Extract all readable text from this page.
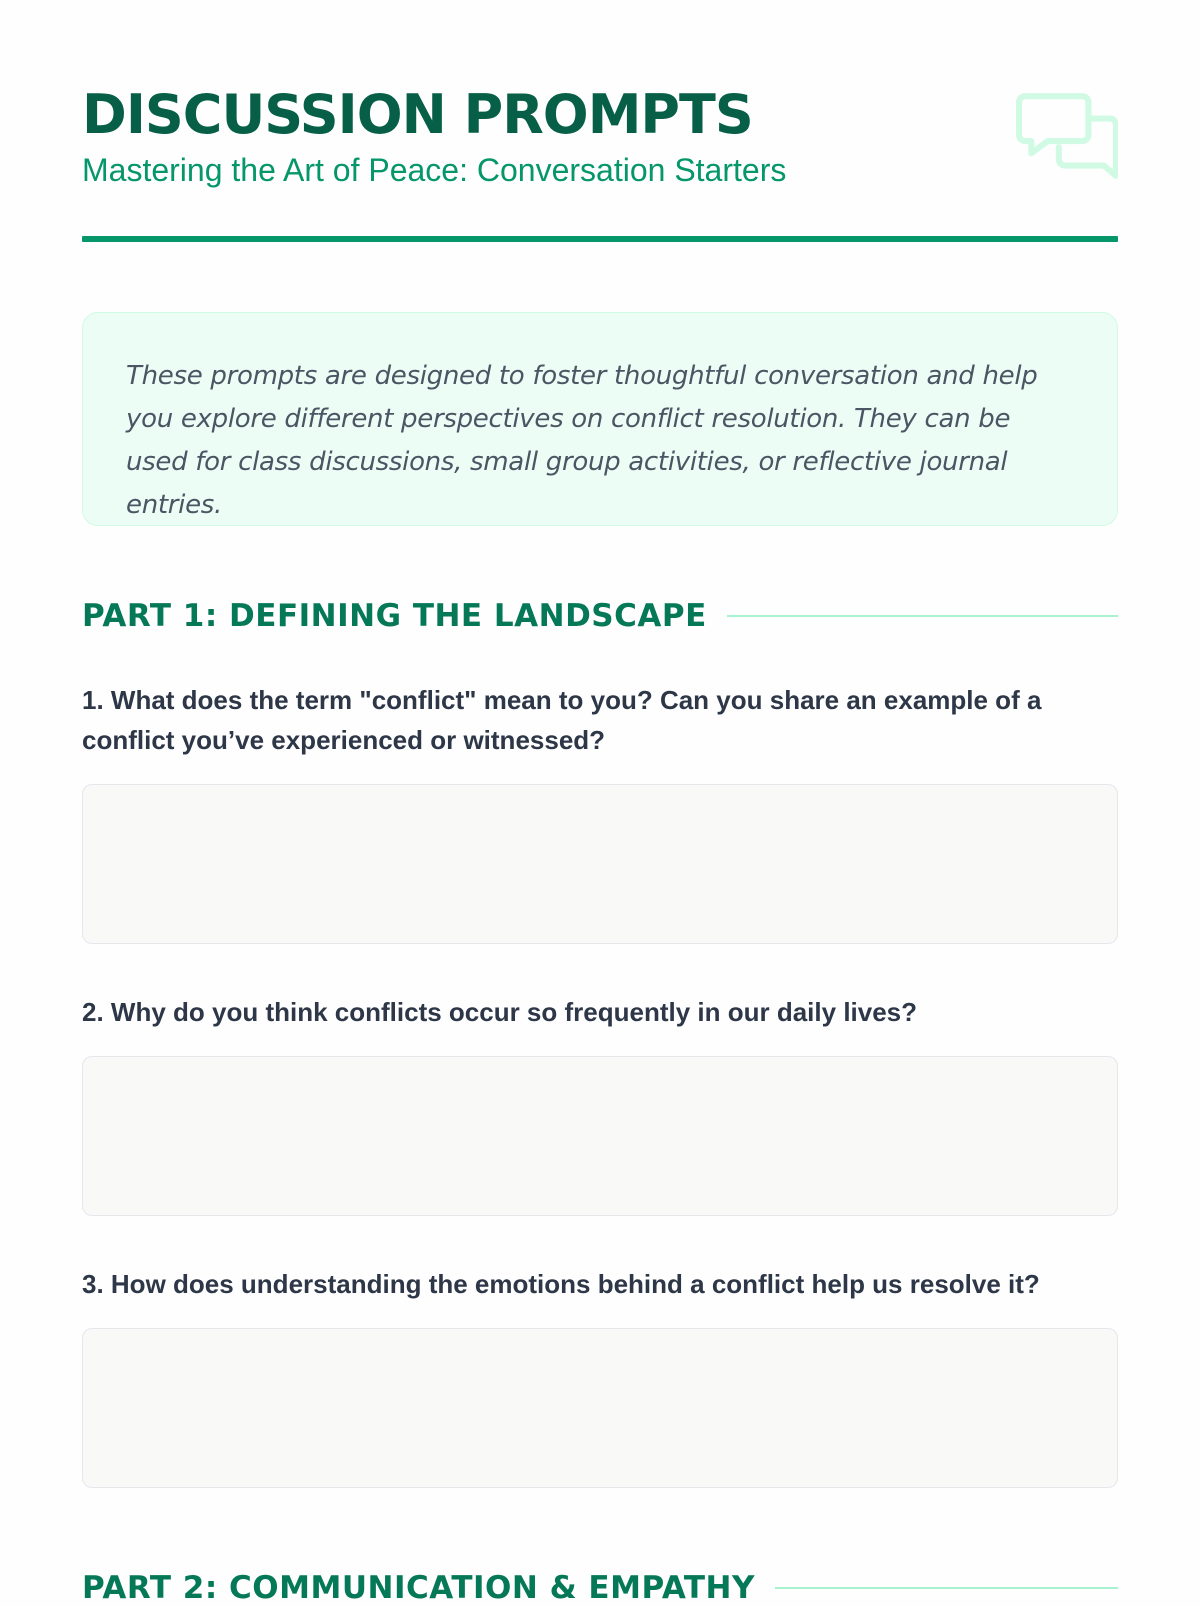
DISCUSSION PROMPTS
Mastering the Art of Peace: Conversation Starters

These prompts are designed to foster thoughtful conversation and help you explore different perspectives on conflict resolution. They can be used for class discussions, small group activities, or reflective journal entries.

PART 1: DEFINING THE LANDSCAPE

1. What does the term "conflict" mean to you? Can you share an example of a conflict you’ve experienced or witnessed?

2. Why do you think conflicts occur so frequently in our daily lives?

3. How does understanding the emotions behind a conflict help us resolve it?

PART 2: COMMUNICATION & EMPATHY
